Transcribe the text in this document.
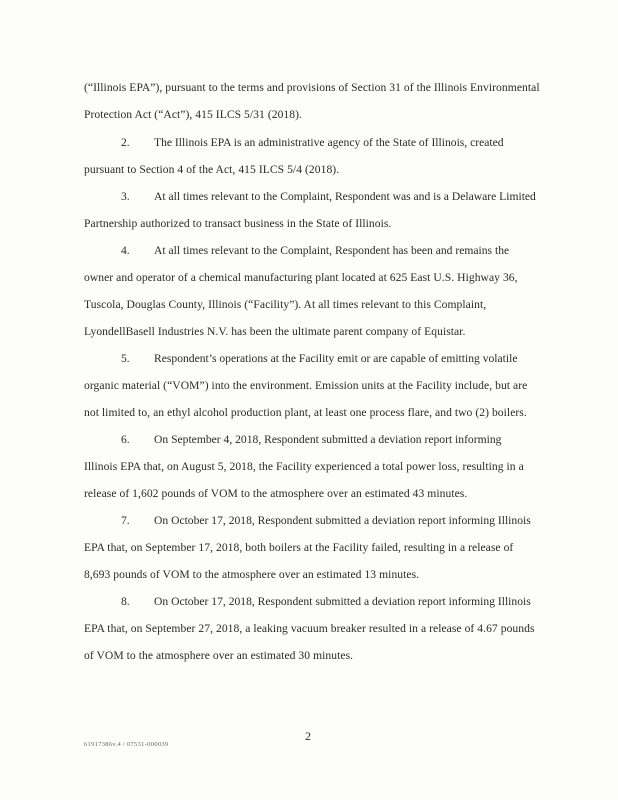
(“Illinois EPA”), pursuant to the terms and provisions of Section 31 of the Illinois Environmental
Protection Act (“Act”), 415 ILCS 5/31 (2018).
2. The Illinois EPA is an administrative agency of the State of Illinois, created
pursuant to Section 4 of the Act, 415 ILCS 5/4 (2018).
3. At all times relevant to the Complaint, Respondent was and is a Delaware Limited
Partnership authorized to transact business in the State of Illinois.
4. At all times relevant to the Complaint, Respondent has been and remains the
owner and operator of a chemical manufacturing plant located at 625 East U.S. Highway 36,
Tuscola, Douglas County, Illinois (“Facility”). At all times relevant to this Complaint,
LyondellBasell Industries N.V. has been the ultimate parent company of Equistar.
5. Respondent’s operations at the Facility emit or are capable of emitting volatile
organic material (“VOM”) into the environment. Emission units at the Facility include, but are
not limited to, an ethyl alcohol production plant, at least one process flare, and two (2) boilers.
6. On September 4, 2018, Respondent submitted a deviation report informing
Illinois EPA that, on August 5, 2018, the Facility experienced a total power loss, resulting in a
release of 1,602 pounds of VOM to the atmosphere over an estimated 43 minutes.
7. On October 17, 2018, Respondent submitted a deviation report informing Illinois
EPA that, on September 17, 2018, both boilers at the Facility failed, resulting in a release of
8,693 pounds of VOM to the atmosphere over an estimated 13 minutes.
8. On October 17, 2018, Respondent submitted a deviation report informing Illinois
EPA that, on September 27, 2018, a leaking vacuum breaker resulted in a release of 4.67 pounds
of VOM to the atmosphere over an estimated 30 minutes.
2
61917386v.4 / 07531-000039
